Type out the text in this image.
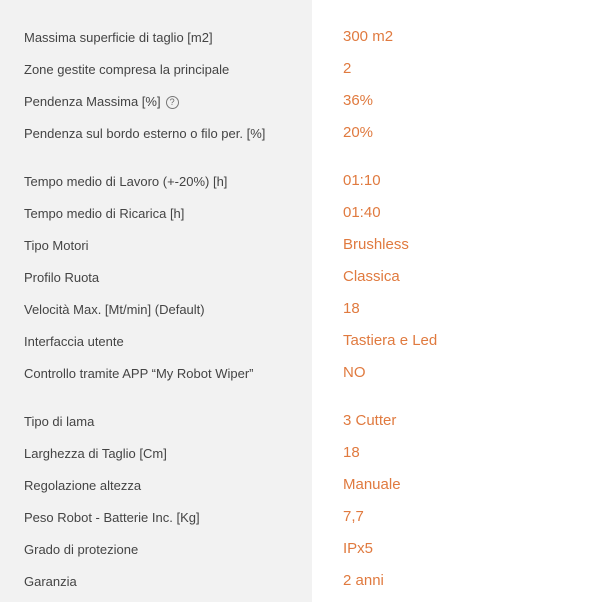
Massima superficie di taglio [m2]	300 m2
Zone gestite compresa la principale	2
Pendenza Massima [%] ?	36%
Pendenza sul bordo esterno o filo per. [%]	20%
Tempo medio di Lavoro (+-20%) [h]	01:10
Tempo medio di Ricarica [h]	01:40
Tipo Motori	Brushless
Profilo Ruota	Classica
Velocità Max. [Mt/min] (Default)	18
Interfaccia utente	Tastiera e Led
Controllo tramite APP “My Robot Wiper”	NO
Tipo di lama	3 Cutter
Larghezza di Taglio [Cm]	18
Regolazione altezza	Manuale
Peso Robot - Batterie Inc. [Kg]	7,7
Grado di protezione	IPx5
Garanzia	2 anni
